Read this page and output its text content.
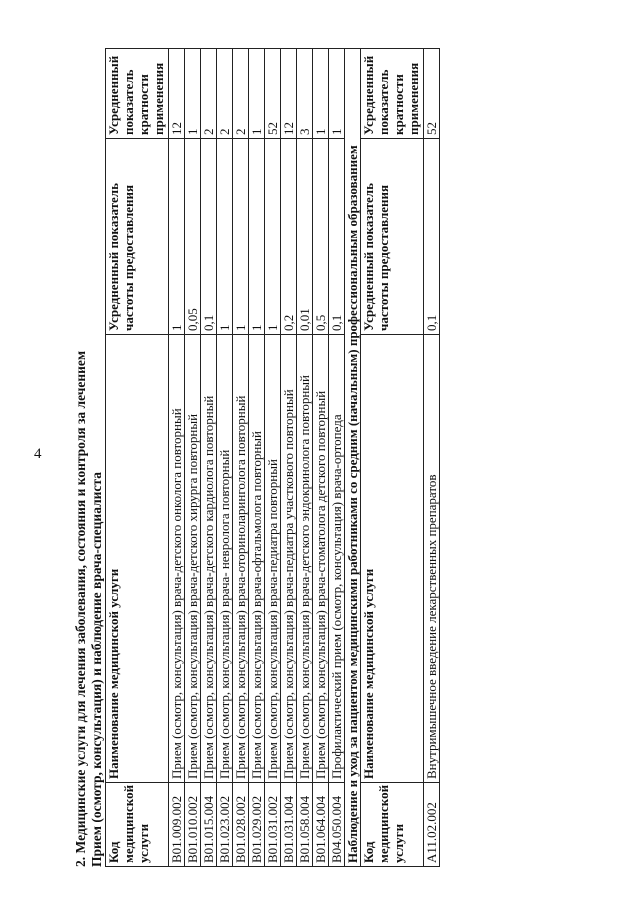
4 2. Медицинские услуги для лечения заболевания, состояния и контроля за лечением Прием (осмотр, консультация) и наблюдение врача-специалиста Код медицинской услуги	Наименование медицинской услуги	Усредненный показатель частоты предоставления	Усредненный показатель кратности применения
B01.009.002	Прием (осмотр, консультация) врача-детского онколога повторный	1	12
B01.010.002	Прием (осмотр, консультация) врача-детского хирурга повторный	0,05	1
B01.015.004	Прием (осмотр, консультация) врача-детского кардиолога повторный	0,1	2
B01.023.002	Прием (осмотр, консультация) врача- невролога повторный	1	2
B01.028.002	Прием (осмотр, консультация) врача-оториноларинголога повторный	1	2
B01.029.002	Прием (осмотр, консультация) врача-офтальмолога повторный	1	1
B01.031.002	Прием (осмотр, консультация) врача-педиатра повторный	1	52
B01.031.004	Прием (осмотр, консультация) врача-педиатра участкового повторный	0,2	12
B01.058.004	Прием (осмотр, консультация) врача-детского эндокринолога повторный	0,01	3
B01.064.004	Прием (осмотр, консультация) врача-стоматолога детского повторный	0,5	1
B04.050.004	Профилактический прием (осмотр, консультация) врача-ортопеда	0,1	1
Наблюдение и уход за пациентом медицинскими работниками со средним (начальным) профессиональным образованием			
Код медицинской услуги	Наименование медицинской услуги	Усредненный показатель частоты предоставления	Усредненный показатель кратности применения
A11.02.002	Внутримышечное введение лекарственных препаратов	0,1	52
